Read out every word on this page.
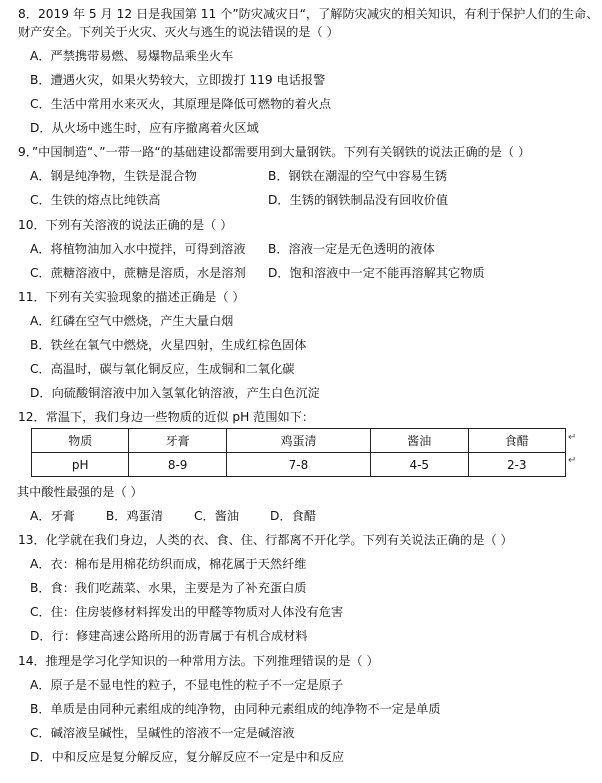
8．2019 年 5 月 12 日是我国第 11 个”防灾减灾日“，了解防灾减灾的相关知识，有利于保护人们的生命、
财产安全。下列关于火灾、灭火与逃生的说法错误的是（ ）
A．严禁携带易燃、易爆物品乘坐火车
B．遭遇火灾，如果火势较大，立即拨打 119 电话报警
C．生活中常用水来灭火，其原理是降低可燃物的着火点
D．从火场中逃生时，应有序撤离着火区域
9．”中国制造“、”一带一路“的基础建设都需要用到大量钢铁。下列有关钢铁的说法正确的是（ ）
A．钢是纯净物，生铁是混合物	B．钢铁在潮湿的空气中容易生锈
C．生铁的熔点比纯铁高	D．生锈的钢铁制品没有回收价值
10．下列有关溶液的说法正确的是（ ）
A．将植物油加入水中搅拌，可得到溶液 B．溶液一定是无色透明的液体
C．蔗糖溶液中，蔗糖是溶质，水是溶剂 D．饱和溶液中一定不能再溶解其它物质
11．下列有关实验现象的描述正确是（ ）
A．红磷在空气中燃烧，产生大量白烟
B．铁丝在氧气中燃烧，火星四射，生成红棕色固体
C．高温时，碳与氧化铜反应，生成铜和二氧化碳
D．向硫酸铜溶液中加入氢氧化钠溶液，产生白色沉淀
12．常温下，我们身边一些物质的近似 pH 范围如下：
物质	牙膏	鸡蛋清	酱油	食醋
pH	8-9	7-8	4-5	2-3
↵
↵
其中酸性最强的是（ ）
A．牙膏        B．鸡蛋清        C．酱油        D．食醋
13．化学就在我们身边，人类的衣、食、住、行都离不开化学。下列有关说法正确的是（ ）
A．衣：棉布是用棉花纺织而成，棉花属于天然纤维
B．食：我们吃蔬菜、水果，主要是为了补充蛋白质
C．住：住房装修材料挥发出的甲醛等物质对人体没有危害
D．行：修建高速公路所用的沥青属于有机合成材料
14．推理是学习化学知识的一种常用方法。下列推理错误的是（ ）
A．原子是不显电性的粒子，不显电性的粒子不一定是原子
B．单质是由同种元素组成的纯净物，由同种元素组成的纯净物不一定是单质
C．碱溶液呈碱性，呈碱性的溶液不一定是碱溶液
D．中和反应是复分解反应，复分解反应不一定是中和反应
